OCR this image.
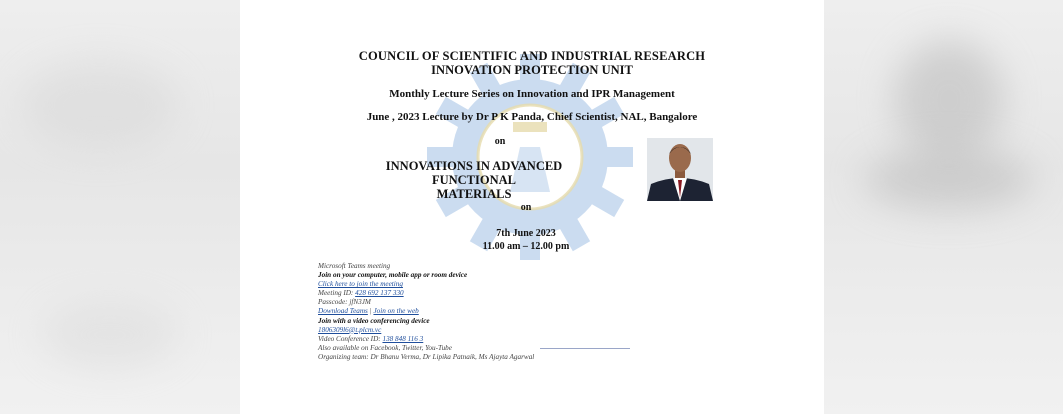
COUNCIL OF SCIENTIFIC AND INDUSTRIAL RESEARCH
INNOVATION PROTECTION UNIT
Monthly Lecture Series on Innovation and IPR Management
June , 2023 Lecture by Dr P K Panda, Chief Scientist, NAL, Bangalore
on
INNOVATIONS IN ADVANCED FUNCTIONAL
MATERIALS
on
7th June 2023
11.00 am – 12.00 pm
Microsoft Teams meeting
Join on your computer, mobile app or room device
Click here to join the meeting
Meeting ID: 428 692 137 330
Passcode: jfN3JM
Download Teams | Join on the web
Join with a video conferencing device
1806309l6@t.plcm.vc
Video Conference ID: 138 848 116 3
Also available on Facebook, Twitter, You-Tube
Organizing team: Dr Bhanu Verma, Dr Lipika Patnaik, Ms Ajayta Agarwal
